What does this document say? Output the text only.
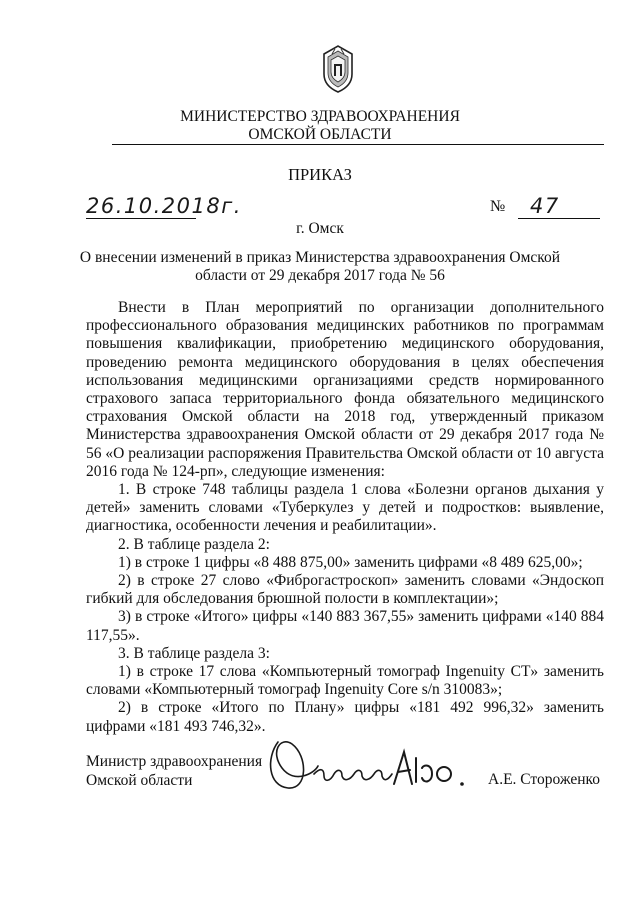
МИНИСТЕРСТВО ЗДРАВООХРАНЕНИЯ
ОМСКОЙ ОБЛАСТИ
ПРИКАЗ
26.10.2018г.	№ 47
г. Омск
О внесении изменений в приказ Министерства здравоохранения Омской
области от 29 декабря 2017 года № 56

Внести в План мероприятий по организации дополнительного профессионального образования медицинских работников по программам повышения квалификации, приобретению медицинского оборудования, проведению ремонта медицинского оборудования в целях обеспечения использования медицинскими организациями средств нормированного страхового запаса территориального фонда обязательного медицинского страхования Омской области на 2018 год, утвержденный приказом Министерства здравоохранения Омской области от 29 декабря 2017 года № 56 «О реализации распоряжения Правительства Омской области от 10 августа 2016 года № 124-рп», следующие изменения:

1. В строке 748 таблицы раздела 1 слова «Болезни органов дыхания у детей» заменить словами «Туберкулез у детей и подростков: выявление, диагностика, особенности лечения и реабилитации».

2. В таблице раздела 2:

1) в строке 1 цифры «8 488 875,00» заменить цифрами «8 489 625,00»;

2) в строке 27 слово «Фиброгастроскоп» заменить словами «Эндоскоп гибкий для обследования брюшной полости в комплектации»;

3) в строке «Итого» цифры «140 883 367,55» заменить цифрами «140 884 117,55».

3. В таблице раздела 3:

1) в строке 17 слова «Компьютерный томограф Ingenuity CT» заменить словами «Компьютерный томограф Ingenuity Core s/n 310083»;

2) в строке «Итого по Плану» цифры «181 492 996,32» заменить цифрами «181 493 746,32».

Министр здравоохранения
Омской области	А.Е. Стороженко
